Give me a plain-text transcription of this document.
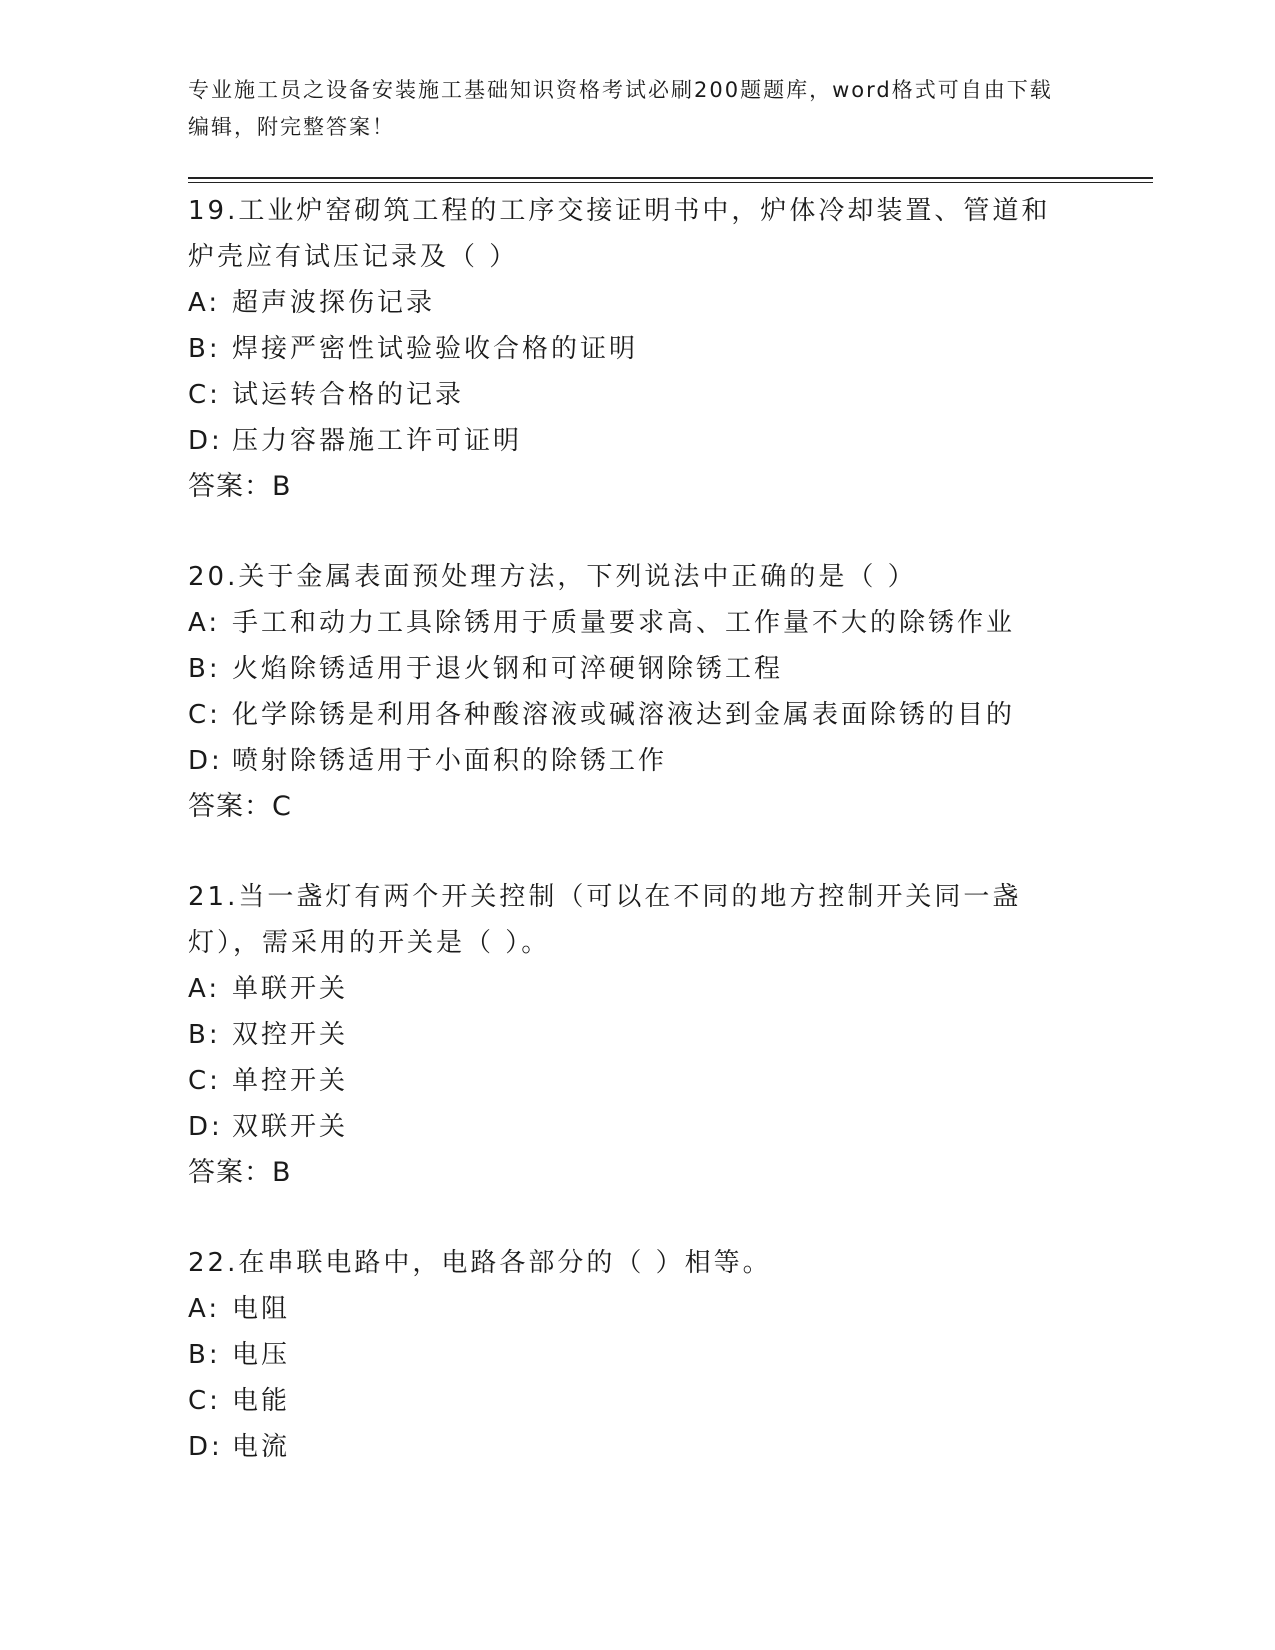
专业施工员之设备安装施工基础知识资格考试必刷200题题库，word格式可自由下载编辑，附完整答案！
19.工业炉窑砌筑工程的工序交接证明书中，炉体冷却装置、管道和炉壳应有试压记录及（ ）
A: 超声波探伤记录
B: 焊接严密性试验验收合格的证明
C: 试运转合格的记录
D: 压力容器施工许可证明
答案：B
20.关于金属表面预处理方法，下列说法中正确的是（ ）
A: 手工和动力工具除锈用于质量要求高、工作量不大的除锈作业
B: 火焰除锈适用于退火钢和可淬硬钢除锈工程
C: 化学除锈是利用各种酸溶液或碱溶液达到金属表面除锈的目的
D: 喷射除锈适用于小面积的除锈工作
答案：C
21.当一盏灯有两个开关控制（可以在不同的地方控制开关同一盏灯），需采用的开关是（ ）。
A: 单联开关
B: 双控开关
C: 单控开关
D: 双联开关
答案：B
22.在串联电路中，电路各部分的（ ）相等。
A: 电阻
B: 电压
C: 电能
D: 电流
